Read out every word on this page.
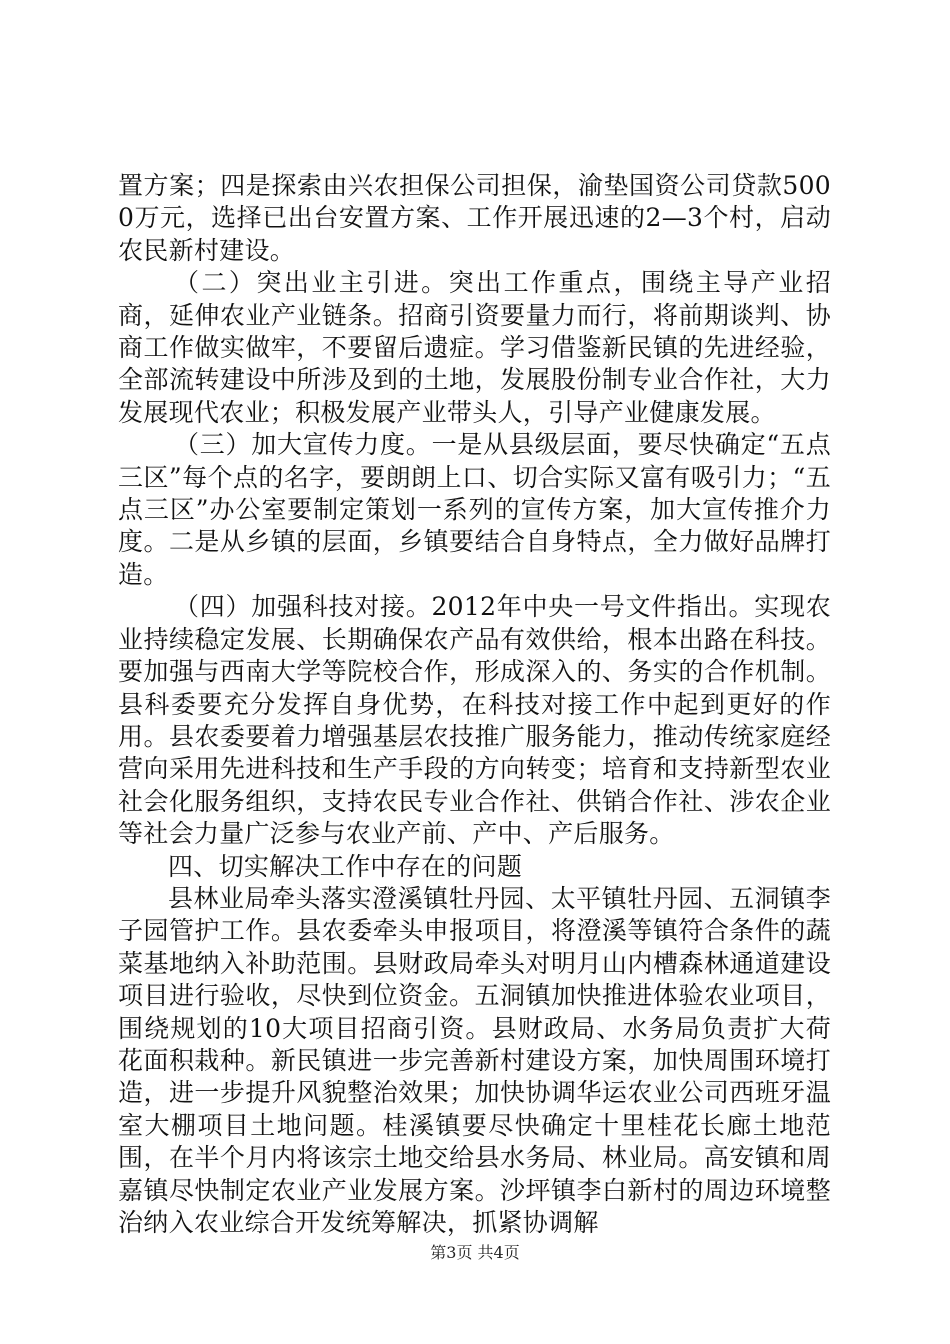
置方案；四是探索由兴农担保公司担保，渝垫国资公司贷款5000万元，选择已出台安置方案、工作开展迅速的2—3个村，启动农民新村建设。

（二）突出业主引进。突出工作重点，围绕主导产业招商，延伸农业产业链条。招商引资要量力而行，将前期谈判、协商工作做实做牢，不要留后遗症。学习借鉴新民镇的先进经验，全部流转建设中所涉及到的土地，发展股份制专业合作社，大力发展现代农业；积极发展产业带头人，引导产业健康发展。

（三）加大宣传力度。一是从县级层面，要尽快确定“五点三区”每个点的名字，要朗朗上口、切合实际又富有吸引力；“五点三区”办公室要制定策划一系列的宣传方案，加大宣传推介力度。二是从乡镇的层面，乡镇要结合自身特点，全力做好品牌打造。

（四）加强科技对接。2012年中央一号文件指出。实现农业持续稳定发展、长期确保农产品有效供给，根本出路在科技。要加强与西南大学等院校合作，形成深入的、务实的合作机制。县科委要充分发挥自身优势，在科技对接工作中起到更好的作用。县农委要着力增强基层农技推广服务能力，推动传统家庭经营向采用先进科技和生产手段的方向转变；培育和支持新型农业社会化服务组织，支持农民专业合作社、供销合作社、涉农企业等社会力量广泛参与农业产前、产中、产后服务。

四、切实解决工作中存在的问题

县林业局牵头落实澄溪镇牡丹园、太平镇牡丹园、五洞镇李子园管护工作。县农委牵头申报项目，将澄溪等镇符合条件的蔬菜基地纳入补助范围。县财政局牵头对明月山内槽森林通道建设项目进行验收，尽快到位资金。五洞镇加快推进体验农业项目，围绕规划的10大项目招商引资。县财政局、水务局负责扩大荷花面积栽种。新民镇进一步完善新村建设方案，加快周围环境打造，进一步提升风貌整治效果；加快协调华运农业公司西班牙温室大棚项目土地问题。桂溪镇要尽快确定十里桂花长廊土地范围，在半个月内将该宗土地交给县水务局、林业局。高安镇和周嘉镇尽快制定农业产业发展方案。沙坪镇李白新村的周边环境整治纳入农业综合开发统筹解决，抓紧协调解

第3页 共4页
